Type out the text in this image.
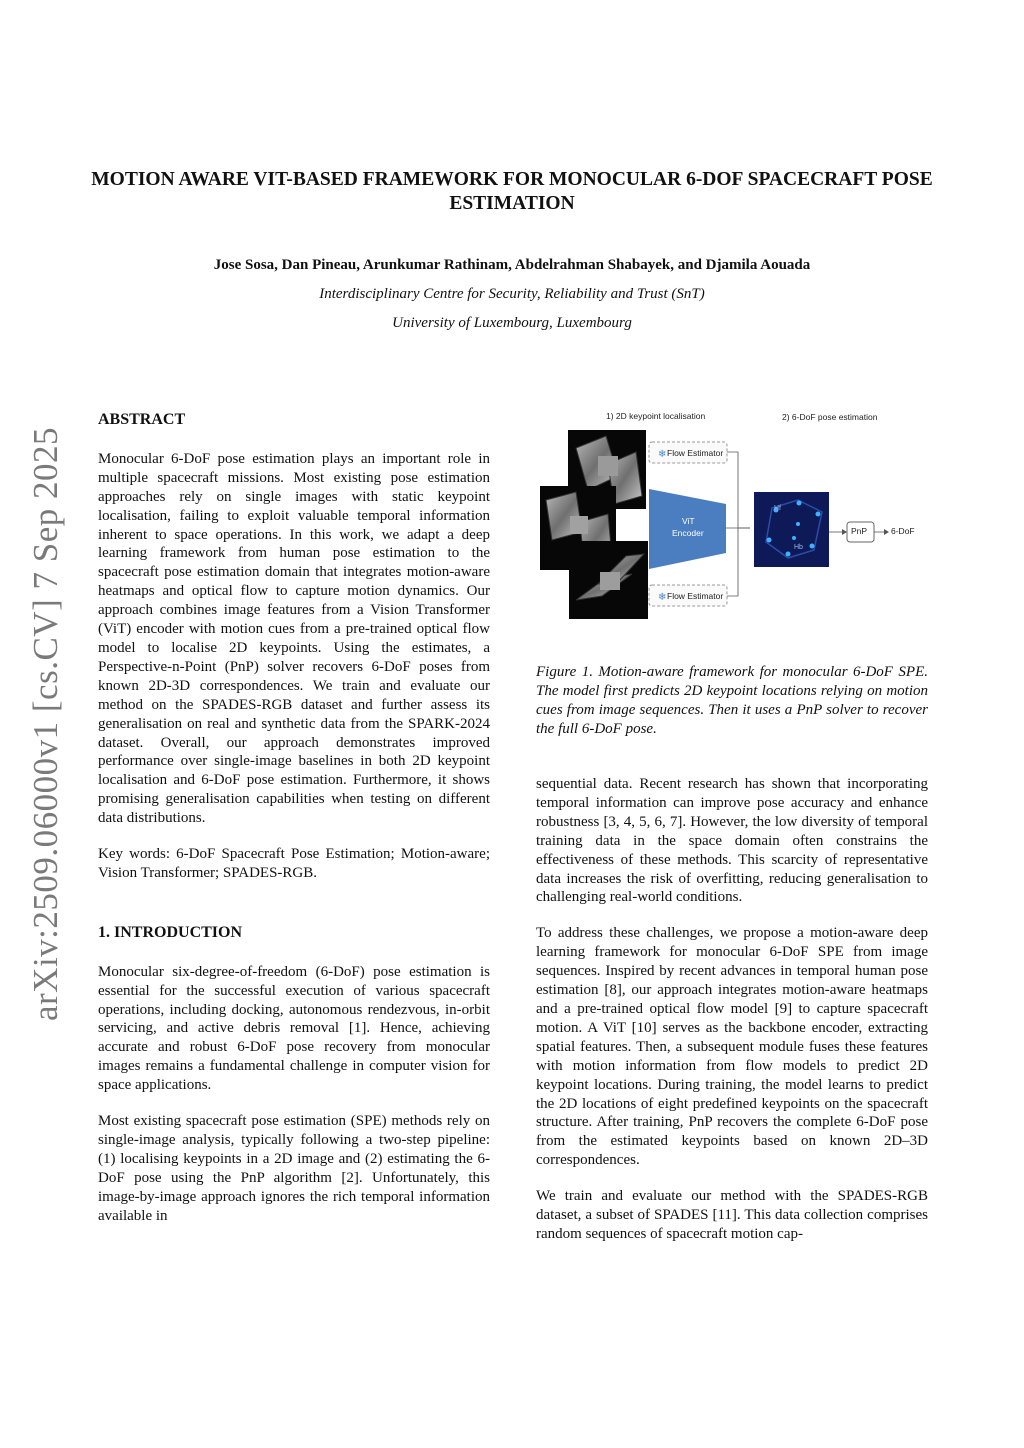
arXiv:2509.06000v1 [cs.CV] 7 Sep 2025
MOTION AWARE VIT-BASED FRAMEWORK FOR MONOCULAR 6-DOF SPACECRAFT POSE ESTIMATION
Jose Sosa, Dan Pineau, Arunkumar Rathinam, Abdelrahman Shabayek, and Djamila Aouada
Interdisciplinary Centre for Security, Reliability and Trust (SnT)
University of Luxembourg, Luxembourg

ABSTRACT

Monocular 6-DoF pose estimation plays an important role in multiple spacecraft missions. Most existing pose estimation approaches rely on single images with static keypoint localisation, failing to exploit valuable temporal information inherent to space operations. In this work, we adapt a deep learning framework from human pose estimation to the spacecraft pose estimation domain that integrates motion-aware heatmaps and optical flow to capture motion dynamics. Our approach combines image features from a Vision Transformer (ViT) encoder with motion cues from a pre-trained optical flow model to localise 2D keypoints. Using the estimates, a Perspective-n-Point (PnP) solver recovers 6-DoF poses from known 2D-3D correspondences. We train and evaluate our method on the SPADES-RGB dataset and further assess its generalisation on real and synthetic data from the SPARK-2024 dataset. Overall, our approach demonstrates improved performance over single-image baselines in both 2D keypoint localisation and 6-DoF pose estimation. Furthermore, it shows promising generalisation capabilities when testing on different data distributions.

Key words: 6-DoF Spacecraft Pose Estimation; Motion-aware; Vision Transformer; SPADES-RGB.

1. INTRODUCTION

Monocular six-degree-of-freedom (6-DoF) pose estimation is essential for the successful execution of various spacecraft operations, including docking, autonomous rendezvous, in-orbit servicing, and active debris removal [1]. Hence, achieving accurate and robust 6-DoF pose recovery from monocular images remains a fundamental challenge in computer vision for space applications.

Most existing spacecraft pose estimation (SPE) methods rely on single-image analysis, typically following a two-step pipeline: (1) localising keypoints in a 2D image and (2) estimating the 6-DoF pose using the PnP algorithm [2]. Unfortunately, this image-by-image approach ignores the rich temporal information available in

1) 2D keypoint localisation	2) 6-DoF pose estimation
❄
❄
Flow Estimator
Flow Estimator
ViT
Encoder
Hf
Hb
PnP	6-DoF
Figure 1. Motion-aware framework for monocular 6-DoF SPE. The model first predicts 2D keypoint locations relying on motion cues from image sequences. Then it uses a PnP solver to recover the full 6-DoF pose.

sequential data. Recent research has shown that incorporating temporal information can improve pose accuracy and enhance robustness [3, 4, 5, 6, 7]. However, the low diversity of temporal training data in the space domain often constrains the effectiveness of these methods. This scarcity of representative data increases the risk of overfitting, reducing generalisation to challenging real-world conditions.

To address these challenges, we propose a motion-aware deep learning framework for monocular 6-DoF SPE from image sequences. Inspired by recent advances in temporal human pose estimation [8], our approach integrates motion-aware heatmaps and a pre-trained optical flow model [9] to capture spacecraft motion. A ViT [10] serves as the backbone encoder, extracting spatial features. Then, a subsequent module fuses these features with motion information from flow models to predict 2D keypoint locations. During training, the model learns to predict the 2D locations of eight predefined keypoints on the spacecraft structure. After training, PnP recovers the complete 6-DoF pose from the estimated keypoints based on known 2D–3D correspondences.

We train and evaluate our method with the SPADES-RGB dataset, a subset of SPADES [11]. This data collection comprises random sequences of spacecraft motion cap-
